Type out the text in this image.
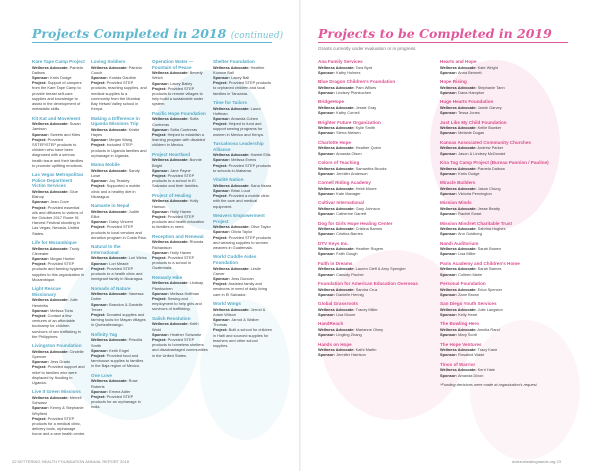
Projects Completed in 2018 (continued)
Kare Tape Camp Project
Wellness Advocate: Pamela Dalbow
Sponsor: Kreis Dodge
Project: Support of campers from the Kare Tape Camp to provide breast self-care supplies and knowledge to assist in the development of metastatic skills.
Kit Kat and Movement
Wellness Advocate: Susan Jamison
Sponsor: Sweets and Kites
Project: Provided SSTEP/STEP products to children who have been diagnosed with a serious health issue and their families to promote uplifting emotions.
Las Vegas Metropolitan Police Department Victim Services
Wellness Advocate: Glue Bishop
Sponsor: Jean Cove
Project: Provided essential oils and diffusers to victims of the October 2017 Route 91 Harvest Festival shooting in Las Vegas, Nevada, United States.
Life for Mozambique
Wellness Advocate: Trudy Cleveater
Sponsor: Megan Hunter
Project: Provided STEP products and farming hygiene supplies to this organization in Mozambique.
Light Rescue Missionary
Wellness Advocate: Julie Henrietta
Sponsor: Melissa Toria
Project: Contact a few ventures of an affordable bootcamp for children survivors of sex trafficking in the Philippines.
Livingston Foundation
Wellness Advocate: Cindelle Spencer
Sponsor: Jess Grado
Project: Provided support and relief to families who were displaced by flooding in Uganda.
Live It Green Missions
Wellness Advocate: Merrell Schwarz
Sponsor: Kenny & Stephanie Whyfield
Project: Provided STEP products for a medical clinic, delivery tools, orphanage home and a new health centre.
Loving Soldiers
Wellness Advocate: Patricia Couch
Sponsor: Kontas Gauthie
Project: Provided STEP products, teaching supplies, and medical supplies to a community from the Mumbai Bay Helwal Valley school in Kenya.
Making a Difference in Uganda Missions Trip
Wellness Advocate: Kristie Hayes
Sponsor: Megan Wang
Project: Included STEP products in Uganda families and orphanage in Uganda.
Mama Mobile
Wellness Advocate: Sandy Lowe
Sponsor: Joy Teasley
Project: Supported a mobile clinic and a healthy diet in Nicaragua.
Namaste in Nepal
Wellness Advocate: Judith Elliot
Sponsor: Daisy Vincent
Project: Provided STEP products to local vendors and donation program in Costa Rica.
Natural to the International
Wellness Advocate: Lori Weiss
Sponsor: Lori Meade
Project: Provided STEP products to a health clinic and immigrant family in Nicaragua.
Nomads of Nature
Wellness Advocate: Vanessa Dobie
Sponsor: Brandon & Danielle Trexer
Project: Donated supplies and farming tools for Mayan villages in Quetzaltenango.
Nofinity Tag
Wellness Advocate: Priscilla Smith
Sponsor: Keith Engel
Project: Provided food and farmhouse supplies to families in the Baja region of Mexico.
One Love
Wellness Advocate: Rose Roberts
Sponsor: Emma Adler
Project: Provided STEP products for an orphanage in India.
Operation Water — Fountain of Peace
Wellness Advocate: Beverly Welch
Sponsor: Lacey Bailey
Project: Provided STEP products to remote villages to help build a sustainable water system.
Pacific Hope Foundation
Wellness Advocate: Sofia Contreras
Sponsor: Sofia Contreras
Project: Helped to establish a learning program with disabled children in Mexico.
Project Heartland
Wellness Advocate: Bonnie Bright
Sponsor: Jane Payne
Project: Provided STEP products to a school in El Salvador and their families.
Project of Healing
Wellness Advocate: Holly Hanson
Sponsor: Holly Haven
Project: Provided STEP products and health education to families in need.
Reception and Renewal
Wellness Advocate: Rhonda Richardson
Sponsor: Holly Haven
Project: Provided STEP products to a school in Guatemala.
Remanly Hike
Wellness Advocate: Lindsay Pfankuchen
Sponsor: Melissa Hoffman
Project: Sewing and employment to help girls and survivors of trafficking.
Salish Resolution
Wellness Advocate: Keith Wold
Sponsor: Heather Schwartz
Project: Provided STEP products to homeless shelters and disadvantaged communities in the United States.
Shelter Foundation
Wellness Advocate: Heather Koonce Ball
Sponsor: Lacey Ball
Project: Provided STEP products to orphaned children and local families in Tanzania.
Time for Tailors
Wellness Advocate: Laura Hoffman
Sponsor: Amanda Cohen
Project: Helped to fund and support sewing programs for women in Mexico and Kenya.
Tuscaloosa Leadership Alliance
Wellness Advocate: Harriet Ellis
Sponsor: Melissa Evens
Project: Provided STEP products to schools in Alabama.
Vitalité Nation
Wellness Advocate: Sana Nsara
Sponsor: Brian Loud
Project: Provided a mobile clinic with the care and medical equipment.
Weavers Empowerment Project
Wellness Advocate: Olive Taylor
Sponsor: Olivia Taylor
Project: Provided STEP products and weaving supplies to women weavers in Guatemala.
World Cuddle Aides Foundation
Wellness Advocate: Leslie Carver
Sponsor: Jess Duncan
Project: Assisted family and newborns in need of daily living care in El Salvador.
World Wings
Wellness Advocate: Jerrod & Adam Wilson
Sponsor: Jarrod & Walker Thomas
Project: Built a school for children in Haiti and sourced supplies for teachers and other school supplies.
22 KETTERING HEALTH FOUNDATION ANNUAL REPORT 2018
Projects to be Completed in 2019
Grants currently under evaluation or in progress.
Ana Family Services
Wellness Advocate: Tara Byrd
Sponsor: Kathy Holmes
Blue Dragon Children's Foundation
Wellness Advocate: Pam Wilkes
Sponsor: Lindsey Pfankuchen
BridgeHope
Wellness Advocate: Jessie Gray
Sponsor: Kathy Cornell
Brighter Future Organization
Wellness Advocate: Kylie Smith
Sponsor: Sierra Nielsen
Charlotte Hope
Wellness Advocate: Heather Quinn
Sponsor: Amanda Olsen
Colors of Teaching
Wellness Advocate: Samantha Brooks
Sponsor: Jennifer Anderson
Cornell Riding Academy
Wellness Advocate: Heidi Moore
Sponsor: Kate Manager
Cultivar International
Wellness Advocate: Gary Johnson
Sponsor: Catherine Garrett
Dog for Girls Hope Healing Center
Wellness Advocate: Cristina Barnes
Sponsor: Cristina Barnes
DTV Keys Inc.
Wellness Advocate: Heather Rogers
Sponsor: Faith Gough
Faith in Dreams
Wellness Advocate: Lauren Cleff & Amy Spengler
Sponsor: Cassidy Fischer
Foundation for American Education Overseas
Wellness Advocate: Sandra Cruz
Sponsor: Danielle Hennig
Global Grassroots
Wellness Advocate: Tracey Miller
Sponsor: Lisa Moore
HandReach
Wellness Advocate: Marianne Olney
Sponsor: Lingling Zhang
Hands on Hope
Wellness Advocate: Kathi Martin
Sponsor: Jennifer Harrison
Hearts and Hope
Wellness Advocate: Kate Wright
Sponsor: Anna Bennett
Hope Rising
Wellness Advocate: Stephanie Tann
Sponsor: Dana Hampton
Huge Hearts Foundation
Wellness Advocate: Jamie Garvey
Sponsor: Tessa Jones
Just Like My Child Foundation
Wellness Advocate: Kellie Bowker
Sponsor: Melanie Dugas
Kansas Associated Community Churches
Wellness Advocate: Andrew Parker
Sponsor: Jason & Lindsey McDonald
Kira Tag Camp Project (Bureau Pannion / Pauline)
Wellness Advocate: Pamela Dalbow
Sponsor: Kreis Dodge
Miracle Builders
Wellness Advocate: Jason Chung
Sponsor: Victoria Pennington
Mission Minds
Wellness Advocate: Jesse Beatty
Sponsor: Rachel Ewart
Mission Mindset Charitable Trust
Wellness Advocate: Sabrina Hughes
Sponsor: Ann Goldberg
Nandi Auditorium
Wellness Advocate: Sarah Bowen
Sponsor: Lisa Miller
Paris Academy and Children's Home
Wellness Advocate: Sarah Barnes
Sponsor: Colleen Marie
Personal Foundation
Wellness Advocate: Erica Spencer
Sponsor: Zane Brown
San Diego Youth Services
Wellness Advocate: Julie Langston
Sponsor: Kelly Heart
The Bowling Hero
Wellness Advocate: Amelia Rand
Sponsor: Mary Scott
The Hope Ventures
Wellness Advocate: Tracy Kane
Sponsor: Rosalind Wade
Tinos of Warrior
Wellness Advocate: Kerri Hale
Sponsor: Amanda Dixon
*Funding decisions were made at organization's request.
doterrahealinghands.org 23
